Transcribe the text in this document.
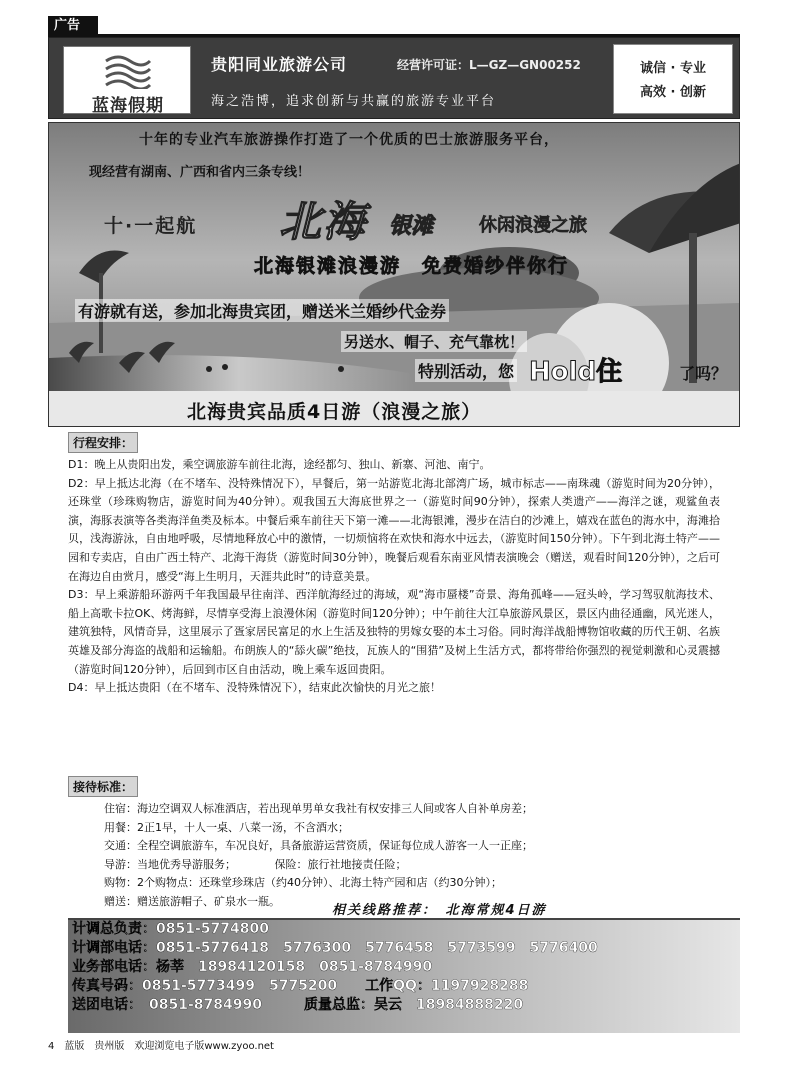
广告
蓝海假期
贵阳同业旅游公司	经营许可证：L—GZ—GN00252
海之浩博，追求创新与共赢的旅游专业平台
诚信 · 专业
高效 · 创新
十年的专业汽车旅游操作打造了一个优质的巴士旅游服务平台，
现经营有湖南、广西和省内三条专线！
十·一起航 北海 银滩	休闲浪漫之旅
北海银滩浪漫游　免费婚纱伴你行
有游就有送，参加北海贵宾团，赠送米兰婚纱代金券
另送水、帽子、充气靠枕！
特别活动，您 Hold住	了吗？
北海贵宾品质4日游（浪漫之旅）
行程安排：
D1：晚上从贵阳出发，乘空调旅游车前往北海，途经都匀、独山、新寨、河池、南宁。
D2：早上抵达北海（在不堵车、没特殊情况下），早餐后，第一站游览北海北部湾广场，城市标志——南珠魂（游览时间为20分钟），还珠堂（珍珠购物店，游览时间为40分钟）。观我国五大海底世界之一（游览时间90分钟），探索人类遗产——海洋之谜，观鲨鱼表演，海豚表演等各类海洋鱼类及标本。中餐后乘车前往天下第一滩——北海银滩，漫步在洁白的沙滩上，嬉戏在蓝色的海水中，海滩拾贝，浅海游泳，自由地呼吸，尽情地释放心中的激情，一切烦恼将在欢快和海水中远去，（游览时间150分钟）。下午到北海土特产——园和专卖店，自由广西土特产、北海干海货（游览时间30分钟），晚餐后观看东南亚风情表演晚会（赠送，观看时间120分钟），之后可在海边自由赏月，感受“海上生明月，天涯共此时”的诗意美景。
D3：早上乘游船环游两千年我国最早往南洋、西洋航海经过的海域，观“海市蜃楼”奇景、海角孤峰——冠头岭，学习驾驭航海技术、船上高歌卡拉OK、烤海鲜，尽情享受海上浪漫休闲（游览时间120分钟）；中午前往大江阜旅游风景区，景区内曲径通幽，风光迷人，建筑独特，风情奇异，这里展示了疍家居民富足的水上生活及独特的男嫁女娶的本土习俗。同时海洋战船博物馆收藏的历代王朝、名族英雄及部分海盗的战船和运输船。布朗族人的“舔火碳”绝技，瓦族人的“围猎”及树上生活方式，都将带给你强烈的视觉刺激和心灵震撼（游览时间120分钟），后回到市区自由活动，晚上乘车返回贵阳。
D4：早上抵达贵阳（在不堵车、没特殊情况下），结束此次愉快的月光之旅！
接待标准：
住宿：海边空调双人标准酒店，若出现单男单女我社有权安排三人间或客人自补单房差；
用餐：2正1早，十人一桌、八菜一汤，不含酒水；
交通：全程空调旅游车，车况良好，具备旅游运营资质，保证每位成人游客一人一正座；
导游：当地优秀导游服务；　　　　保险：旅行社地接责任险；
购物：2个购物点：还珠堂珍珠店（约40分钟）、北海土特产园和店（约30分钟）；
赠送：赠送旅游帽子、矿泉水一瓶。
相关线路推荐：　北海常规4日游
计调总负责：0851-5774800
计调部电话：0851-5776418　5776300　5776458　5773599　5776400
业务部电话：杨莘　18984120158　0851-8784990
传真号码：0851-5773499　5775200　　工作QQ：1197928288
送团电话：　0851-8784990　　　质量总监：吴云　18984888220
4　蓝版　贵州版　欢迎浏览电子版www.zyoo.net
